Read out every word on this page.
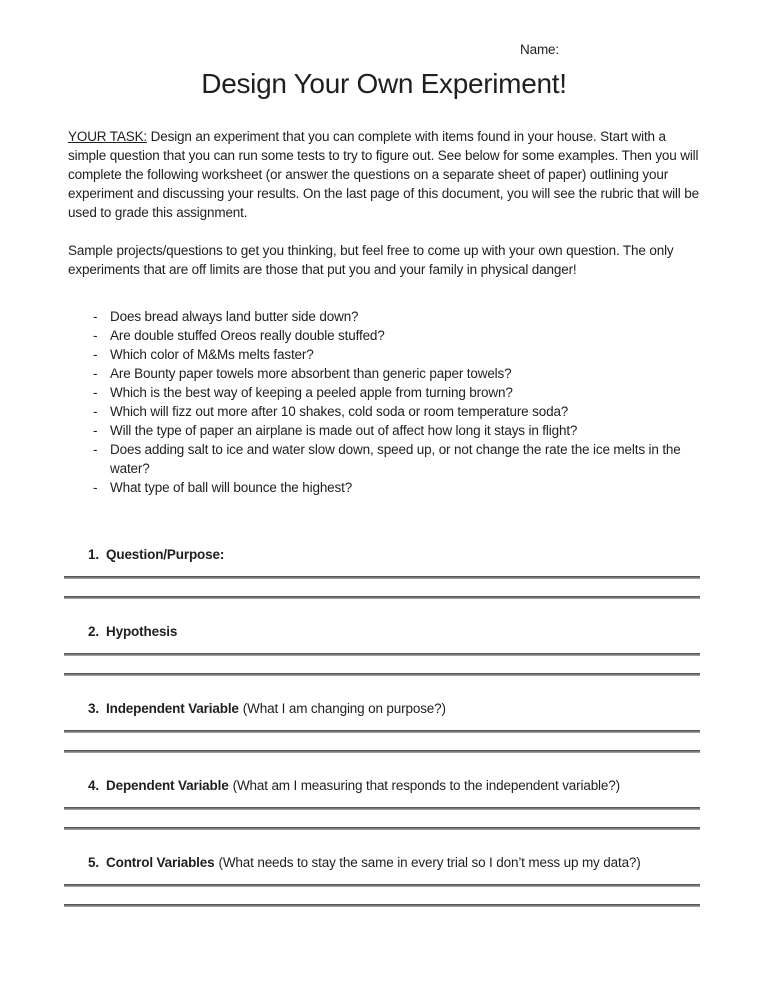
Name:
Design Your Own Experiment!

YOUR TASK: Design an experiment that you can complete with items found in your house. Start with a simple question that you can run some tests to try to figure out. See below for some examples. Then you will complete the following worksheet (or answer the questions on a separate sheet of paper) outlining your experiment and discussing your results. On the last page of this document, you will see the rubric that will be used to grade this assignment.

Sample projects/questions to get you thinking, but feel free to come up with your own question. The only experiments that are off limits are those that put you and your family in physical danger!

- Does bread always land butter side down?
- Are double stuffed Oreos really double stuffed?
- Which color of M&Ms melts faster?
- Are Bounty paper towels more absorbent than generic paper towels?
- Which is the best way of keeping a peeled apple from turning brown?
- Which will fizz out more after 10 shakes, cold soda or room temperature soda?
- Will the type of paper an airplane is made out of affect how long it stays in flight?
- Does adding salt to ice and water slow down, speed up, or not change the rate the ice melts in the water?
- What type of ball will bounce the highest?
1. Question/Purpose:
2. Hypothesis
3. Independent Variable (What I am changing on purpose?)
4. Dependent Variable (What am I measuring that responds to the independent variable?)
5. Control Variables (What needs to stay the same in every trial so I don’t mess up my data?)
